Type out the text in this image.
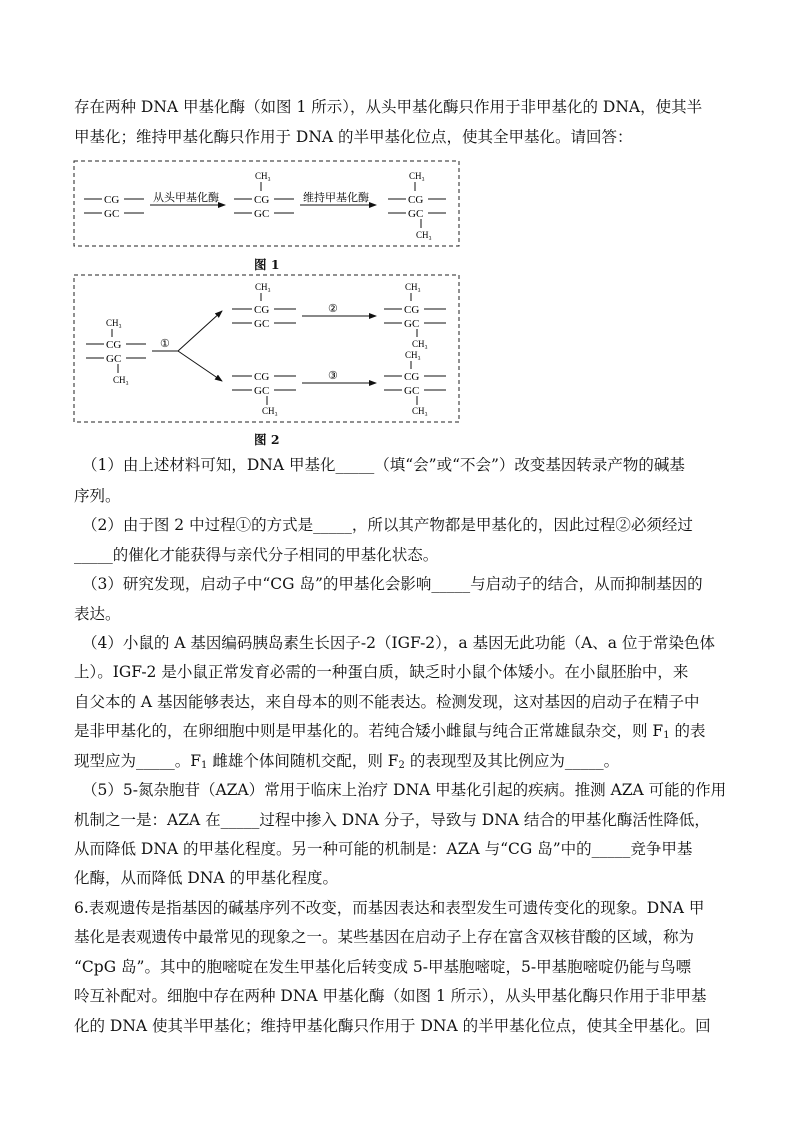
存在两种 DNA 甲基化酶（如图 1 所示），从头甲基化酶只作用于非甲基化的 DNA，使其半
甲基化；维持甲基化酶只作用于 DNA 的半甲基化位点，使其全甲基化。请回答：
CG
GC
从头甲基化酶
CH₃
CG
GC
维持甲基化酶
CH₃
CG
GC
CH₃
CH₃
CG
GC
CH₃
①
CH₃
CG
GC
②
CH₃
CG
GC
CH₃
CG
GC
CH₃
③
CH₃
CG
GC
CH₃
图 1
图 2
（1）由上述材料可知，DNA 甲基化_____（填“会”或“不会”）改变基因转录产物的碱基
序列。
（2）由于图 2 中过程①的方式是_____，所以其产物都是甲基化的，因此过程②必须经过
_____的催化才能获得与亲代分子相同的甲基化状态。
（3）研究发现，启动子中“CG 岛”的甲基化会影响_____与启动子的结合，从而抑制基因的
表达。
（4）小鼠的 A 基因编码胰岛素生长因子-2（IGF-2），a 基因无此功能（A、a 位于常染色体
上）。IGF-2 是小鼠正常发育必需的一种蛋白质，缺乏时小鼠个体矮小。在小鼠胚胎中，来
自父本的 A 基因能够表达，来自母本的则不能表达。检测发现，这对基因的启动子在精子中
是非甲基化的，在卵细胞中则是甲基化的。若纯合矮小雌鼠与纯合正常雄鼠杂交，则 $F_1$ 的表
现型应为_____。$F_1$ 雌雄个体间随机交配，则 $F_2$ 的表现型及其比例应为_____。
（5）5-氮杂胞苷（AZA）常用于临床上治疗 DNA 甲基化引起的疾病。推测 AZA 可能的作用
机制之一是：AZA 在_____过程中掺入 DNA 分子，导致与 DNA 结合的甲基化酶活性降低，
从而降低 DNA 的甲基化程度。另一种可能的机制是：AZA 与“CG 岛”中的_____竞争甲基
化酶，从而降低 DNA 的甲基化程度。
6.表观遗传是指基因的碱基序列不改变，而基因表达和表型发生可遗传变化的现象。DNA 甲
基化是表观遗传中最常见的现象之一。某些基因在启动子上存在富含双核苷酸的区域，称为
“CpG 岛”。其中的胞嘧啶在发生甲基化后转变成 5-甲基胞嘧啶，5-甲基胞嘧啶仍能与鸟嘌
呤互补配对。细胞中存在两种 DNA 甲基化酶（如图 1 所示），从头甲基化酶只作用于非甲基
化的 DNA 使其半甲基化；维持甲基化酶只作用于 DNA 的半甲基化位点，使其全甲基化。回
